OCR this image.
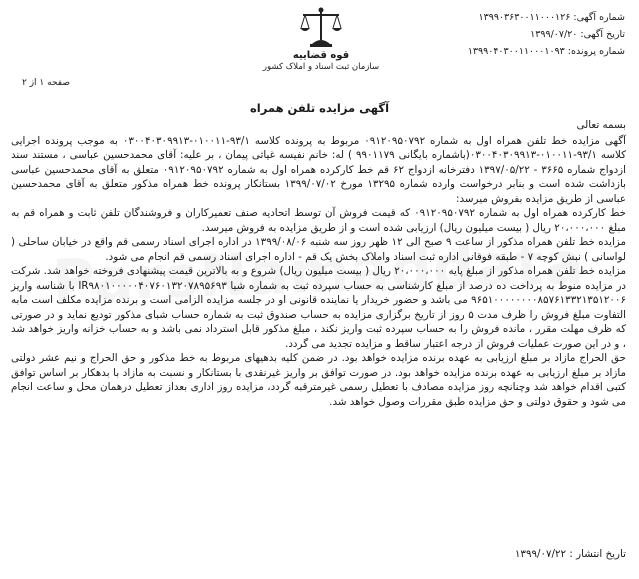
شماره آگهی: ۱۳۹۹۰۳۶۳۰۰۱۱۰۰۰۱۲۶
تاریخ آگهی: ۱۳۹۹/۰۷/۲۰
شماره پرونده: ۱۳۹۹۰۴۰۳۰۰۱۱۰۰۰۱۰۹۳
قوه قضاییه
سازمان ثبت اسناد و املاک کشور
صفحه ۱ از ۲
آگهی مزایده تلفن همراه

بسمه تعالی

آگهی مزایده خط تلفن همراه اول به شماره ۰۹۱۲۰۹۵۰۷۹۲ مربوط به پرونده کلاسه ۹۳/۱-۰۱۰۰۱۱-۰۳۰۰۴۰۳۰۹۹۱۳ به موجب پرونده اجرایی کلاسه ۹۳/۱-۰۱۰۰۱۱-۰۳۰۰۴۰۳۰۹۹۱۳(باشماره بایگانی ۹۹۰۱۱۷۹ ) له: خانم نفیسه غیاثی پیمان ، بر علیه: آقای محمدحسین عباسی ، مستند سند ازدواج شماره ۳۶۶۵ - ۱۳۹۷/۰۵/۲۲ دفترخانه ازدواج ۶۲ قم خط کارکرده همراه اول به شماره ۰۹۱۲۰۹۵۰۷۹۲ متعلق به آقای محمدحسین عباسی بازداشت شده است و بنابر درخواست وارده شماره ۱۳۲۹۵ مورخ ۱۳۹۹/۰۷/۰۲ بستانکار پرونده خط همراه مذکور متعلق به آقای محمدحسین عباسی از طریق مزایده بفروش میرسد:

خط کارکرده همراه اول به شماره ۰۹۱۲۰۹۵۰۷۹۲ که قیمت فروش آن توسط اتحادیه صنف تعمیرکاران و فروشندگان تلفن ثابت و همراه قم به مبلغ ۲۰،۰۰۰،۰۰۰ ریال ( بیست میلیون ریال) ارزیابی شده است و از طریق مزایده به فروش میرسد.

مزایده خط تلفن همراه مذکور از ساعت ۹ صبح الی ۱۲ ظهر روز سه شنبه ۱۳۹۹/۰۸/۰۶ در اداره اجرای اسناد رسمی قم واقع در خیابان ساحلی ( لواسانی ) نبش کوچه ۷ - طبقه فوقانی اداره ثبت اسناد واملاک بخش یک قم - اداره اجرای اسناد رسمی قم انجام می شود.

مزایده خط تلفن همراه مذکور از مبلغ پایه ۲۰،۰۰۰،۰۰۰ ریال ( بیست میلیون ریال) شروع و به بالاترین قیمت پیشنهادی فروخته خواهد شد. شرکت در مزایده منوط به پرداخت ده درصد از مبلغ کارشناسی به حساب سپرده ثبت به شماره شبا IR۹۸۰۱۰۰۰۰۰۴۰۷۶۰۱۳۲۰۷۸۹۵۶۹۳ با شناسه واریز ۹۶۵۱۰۰۰۰۰۰۰۰۸۵۷۶۱۳۳۲۱۳۵۱۲۰۰۶ می باشد و حضور خریدار یا نماینده قانونی او در جلسه مزایده الزامی است و برنده مزایده مکلف است مابه التفاوت مبلغ فروش را ظرف مدت ۵ روز از تاریخ برگزاری مزایده به حساب صندوق ثبت به شماره حساب شبای مذکور تودیع نماید و در صورتی که ظرف مهلت مقرر ، مانده فروش را به حساب سپرده ثبت واریز نکند ، مبلغ مذکور قابل استرداد نمی باشد و به حساب خزانه واریز خواهد شد ، و در این صورت عملیات فروش از درجه اعتبار ساقط و مزایده تجدید می گردد.

حق الحراج مازاد بر مبلغ ارزیابی به عهده برنده مزایده خواهد بود. در ضمن کلیه بدهیهای مربوط به خط مذکور و حق الحراج و نیم عشر دولتی مازاد بر مبلغ ارزیابی به عهده برنده مزایده خواهد بود. در صورت توافق بر واریز غیرنقدی با بستانکار و نسبت به مازاد با بدهکار بر اساس توافق کتبی اقدام خواهد شد وچنانچه روز مزایده مصادف با تعطیل رسمی غیرمترقبه گردد، مزایده روز اداری بعداز تعطیل درهمان محل و ساعت انجام می شود و حقوق دولتی و حق مزایده طبق مقررات وصول خواهد شد.

تاریخ انتشار : ۱۳۹۹/۰۷/۲۲
